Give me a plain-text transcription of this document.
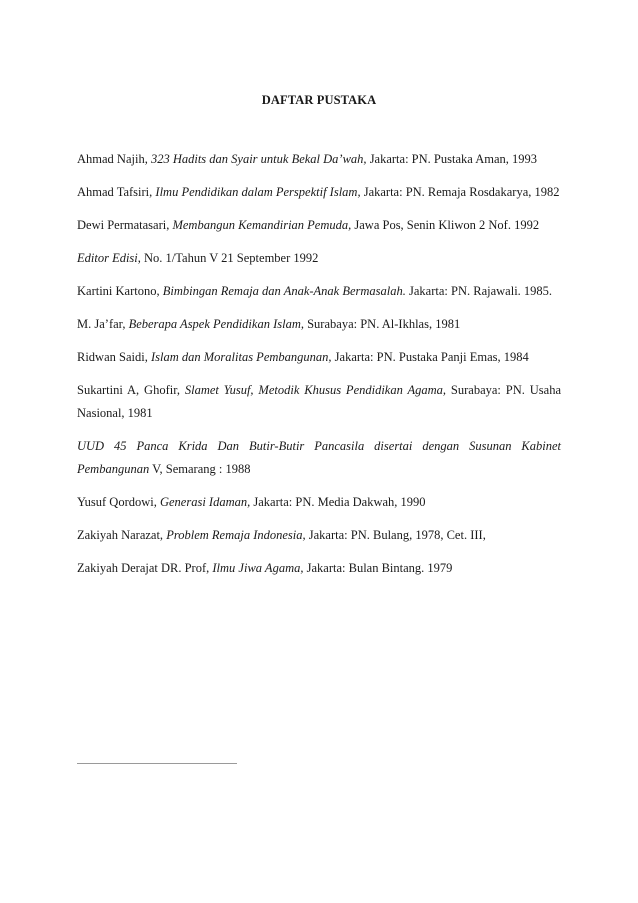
DAFTAR PUSTAKA

Ahmad Najih, 323 Hadits dan Syair untuk Bekal Da’wah, Jakarta: PN. Pustaka Aman, 1993

Ahmad Tafsiri, Ilmu Pendidikan dalam Perspektif Islam, Jakarta: PN. Remaja Rosdakarya, 1982

Dewi Permatasari, Membangun Kemandirian Pemuda, Jawa Pos, Senin Kliwon 2 Nof. 1992

Editor Edisi, No. 1/Tahun V 21 September 1992

Kartini Kartono, Bimbingan Remaja dan Anak-Anak Bermasalah. Jakarta: PN. Rajawali. 1985.

M. Ja’far, Beberapa Aspek Pendidikan Islam, Surabaya: PN. Al-Ikhlas, 1981

Ridwan Saidi, Islam dan Moralitas Pembangunan, Jakarta: PN. Pustaka Panji Emas, 1984

Sukartini A, Ghofir, Slamet Yusuf, Metodik Khusus Pendidikan Agama, Surabaya: PN. Usaha Nasional, 1981

UUD 45 Panca Krida Dan Butir-Butir Pancasila disertai dengan Susunan Kabinet Pembangunan V, Semarang : 1988

Yusuf Qordowi, Generasi Idaman, Jakarta: PN. Media Dakwah, 1990

Zakiyah Narazat, Problem Remaja Indonesia, Jakarta: PN. Bulang, 1978, Cet. III,

Zakiyah Derajat DR. Prof, Ilmu Jiwa Agama, Jakarta: Bulan Bintang. 1979
